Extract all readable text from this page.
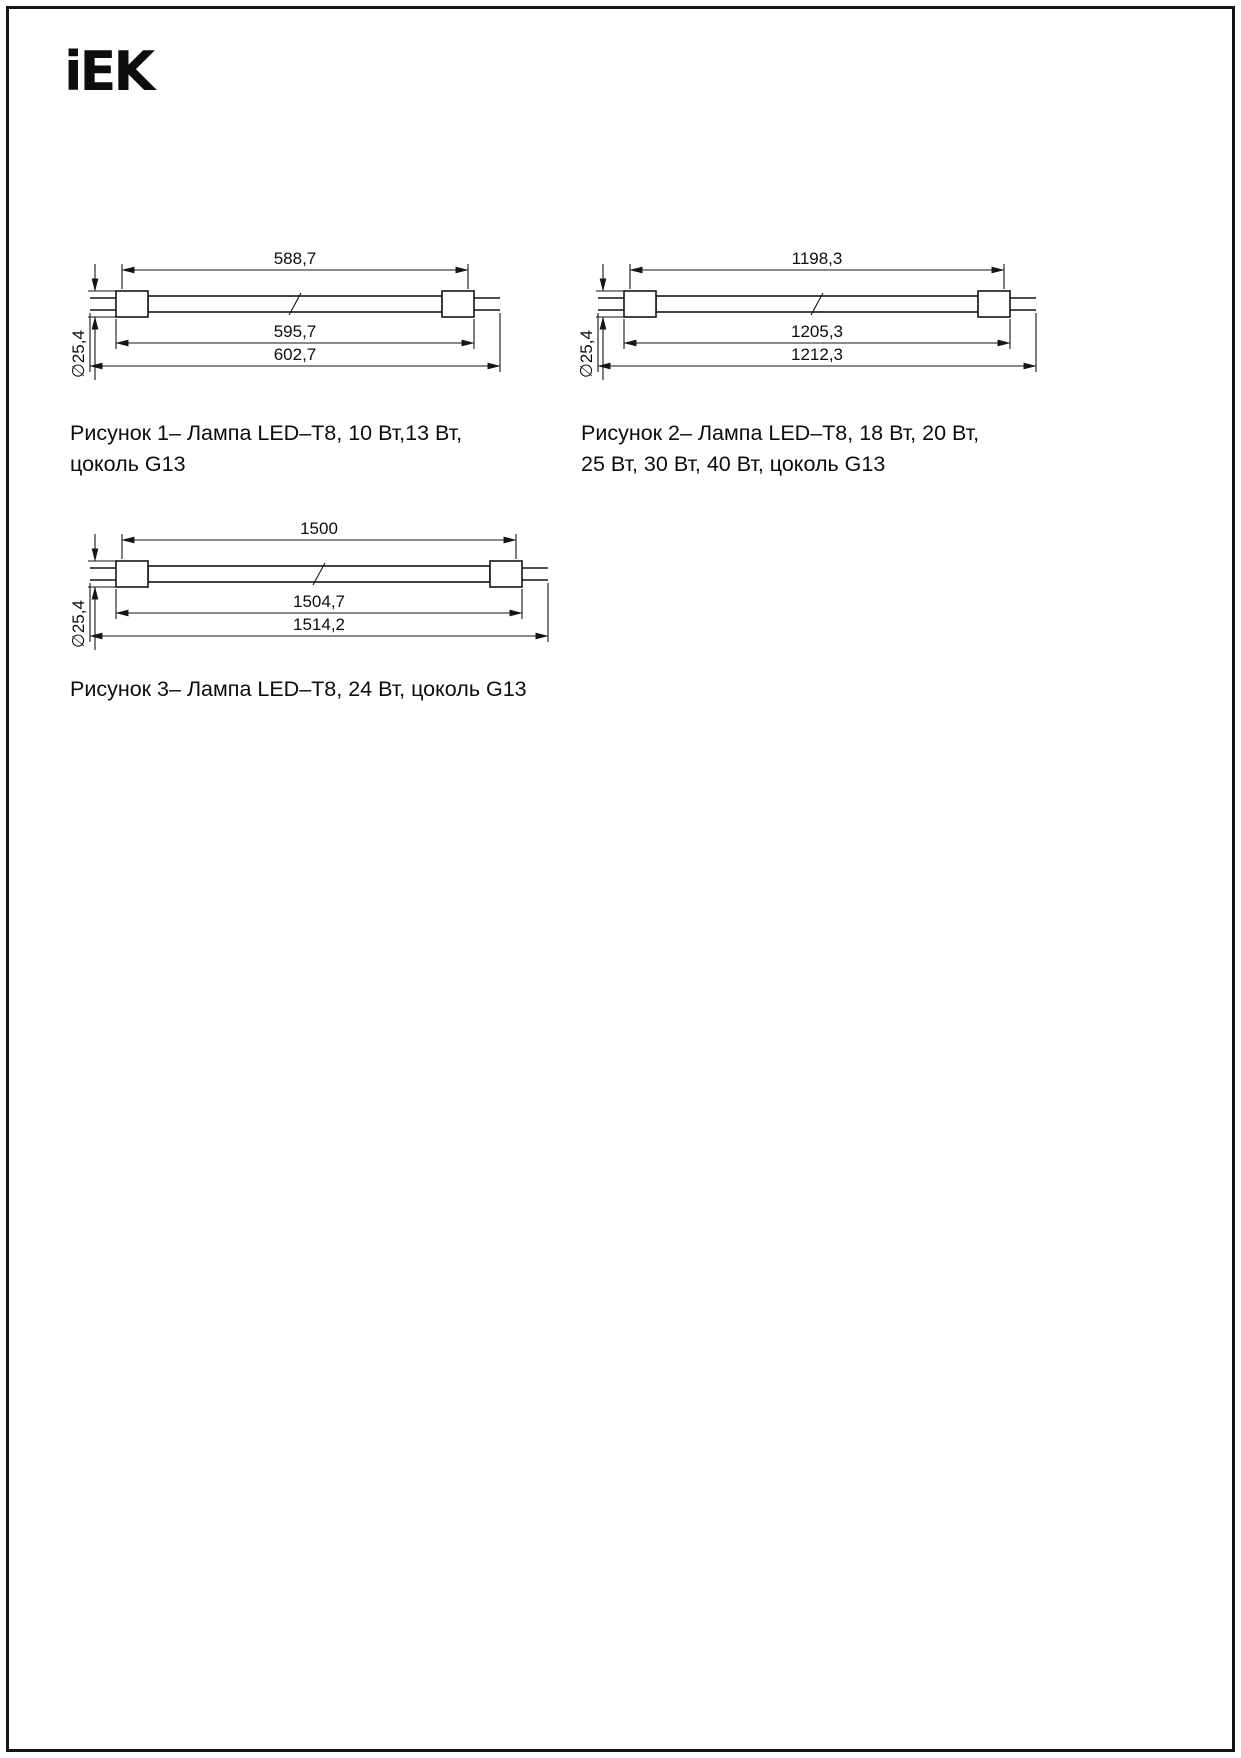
iEK
588,7
595,7
602,7
∅25,4
1198,3
1205,3
1212,3
∅25,4
1500
1504,7
1514,2
∅25,4
Рисунок 1– Лампа LED–T8, 10 Вт,13 Вт,
цоколь G13
Рисунок 2– Лампа LED–T8, 18 Вт, 20 Вт,
25 Вт, 30 Вт, 40 Вт, цоколь G13
Рисунок 3– Лампа LED–T8, 24 Вт, цоколь G13
